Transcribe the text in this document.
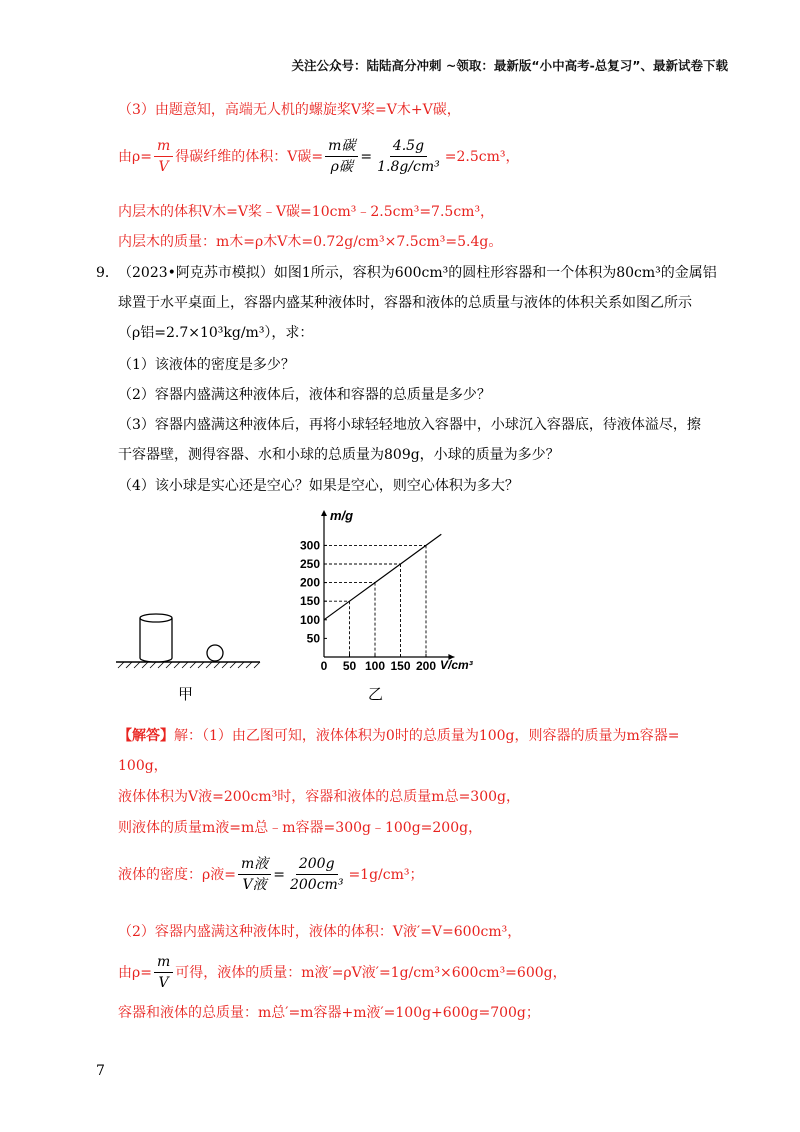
关注公众号：陆陆高分冲刺 ~领取：最新版“小中高考-总复习”、最新试卷下载
（3）由题意知，高端无人机的螺旋桨V桨=V木+V碳，
由$\rho= \frac{m}{V}$ 得碳纤维的体积：V碳= $\frac{\text{m碳}}{\text{ρ碳}} = \frac{4.5g}{\text{1.8g/cm³}} =2.5cm^3$，
内层木的体积V木=V桨﹣V碳=10cm³﹣2.5cm³=7.5cm³，
内层木的质量：m木=ρ木V木=0.72g/cm³×7.5cm³=5.4g。
9． （2023•阿克苏市模拟）如图1所示，容积为600cm³的圆柱形容器和一个体积为80cm³的金属铝
球置于水平桌面上，容器内盛某种液体时，容器和液体的总质量与液体的体积关系如图乙所示
（ρ铝=2.7×10³kg/m³），求：
（1）该液体的密度是多少？
（2）容器内盛满这种液体后，液体和容器的总质量是多少？
（3）容器内盛满这种液体后，再将小球轻轻地放入容器中，小球沉入容器底，待液体溢尽，擦
干容器壁，测得容器、水和小球的总质量为809g，小球的质量为多少？
（4）该小球是实心还是空心？如果是空心，则空心体积为多大？
甲
m/g
V/cm³
0 50 100 150 200
50
100
150
200
250
300
乙
【解答】解：（1）由乙图可知，液体体积为0时的总质量为100g，则容器的质量为m容器=
100g，
液体体积为V液=200cm³时，容器和液体的总质量m总=300g，
则液体的质量m液=m总﹣m容器=300g﹣100g=200g，
液体的密度：ρ液= $\frac{\text{m液}}{\text{V液}} = \frac{200g}{\text{200cm³}} =1g/cm^3$；
（2）容器内盛满这种液体时，液体的体积：V液′=V=600cm³，
由$\rho= \frac{m}{V}$ 可得，液体的质量：m液′=ρV液′=1g/cm³×600cm³=600g，
容器和液体的总质量：m总′=m容器+m液′=100g+600g=700g；
7
